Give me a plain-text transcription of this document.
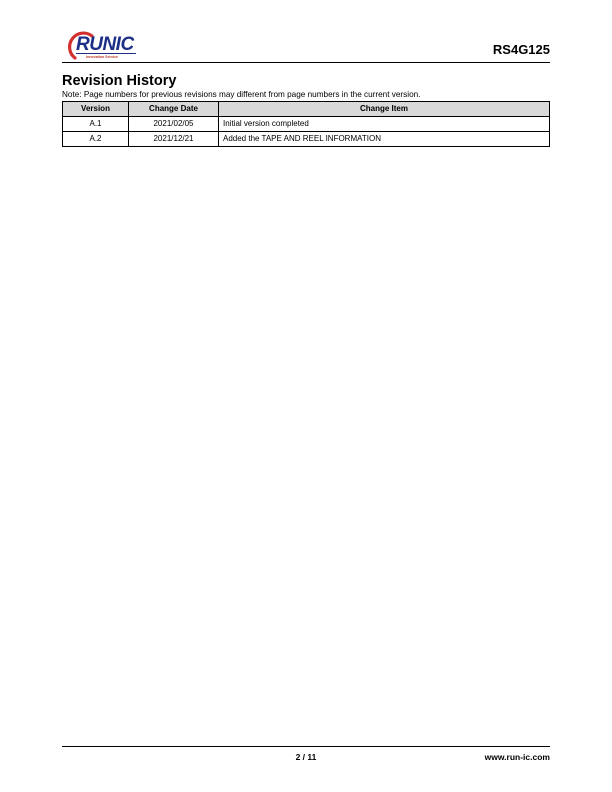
RUNIC
Innovation Service	RS4G125
Revision History
Note: Page numbers for previous revisions may different from page numbers in the current version.
Version	Change Date	Change Item
A.1	2021/02/05	Initial version completed
A.2	2021/12/21	Added the TAPE AND REEL INFORMATION
2 / 11	www.run-ic.com
